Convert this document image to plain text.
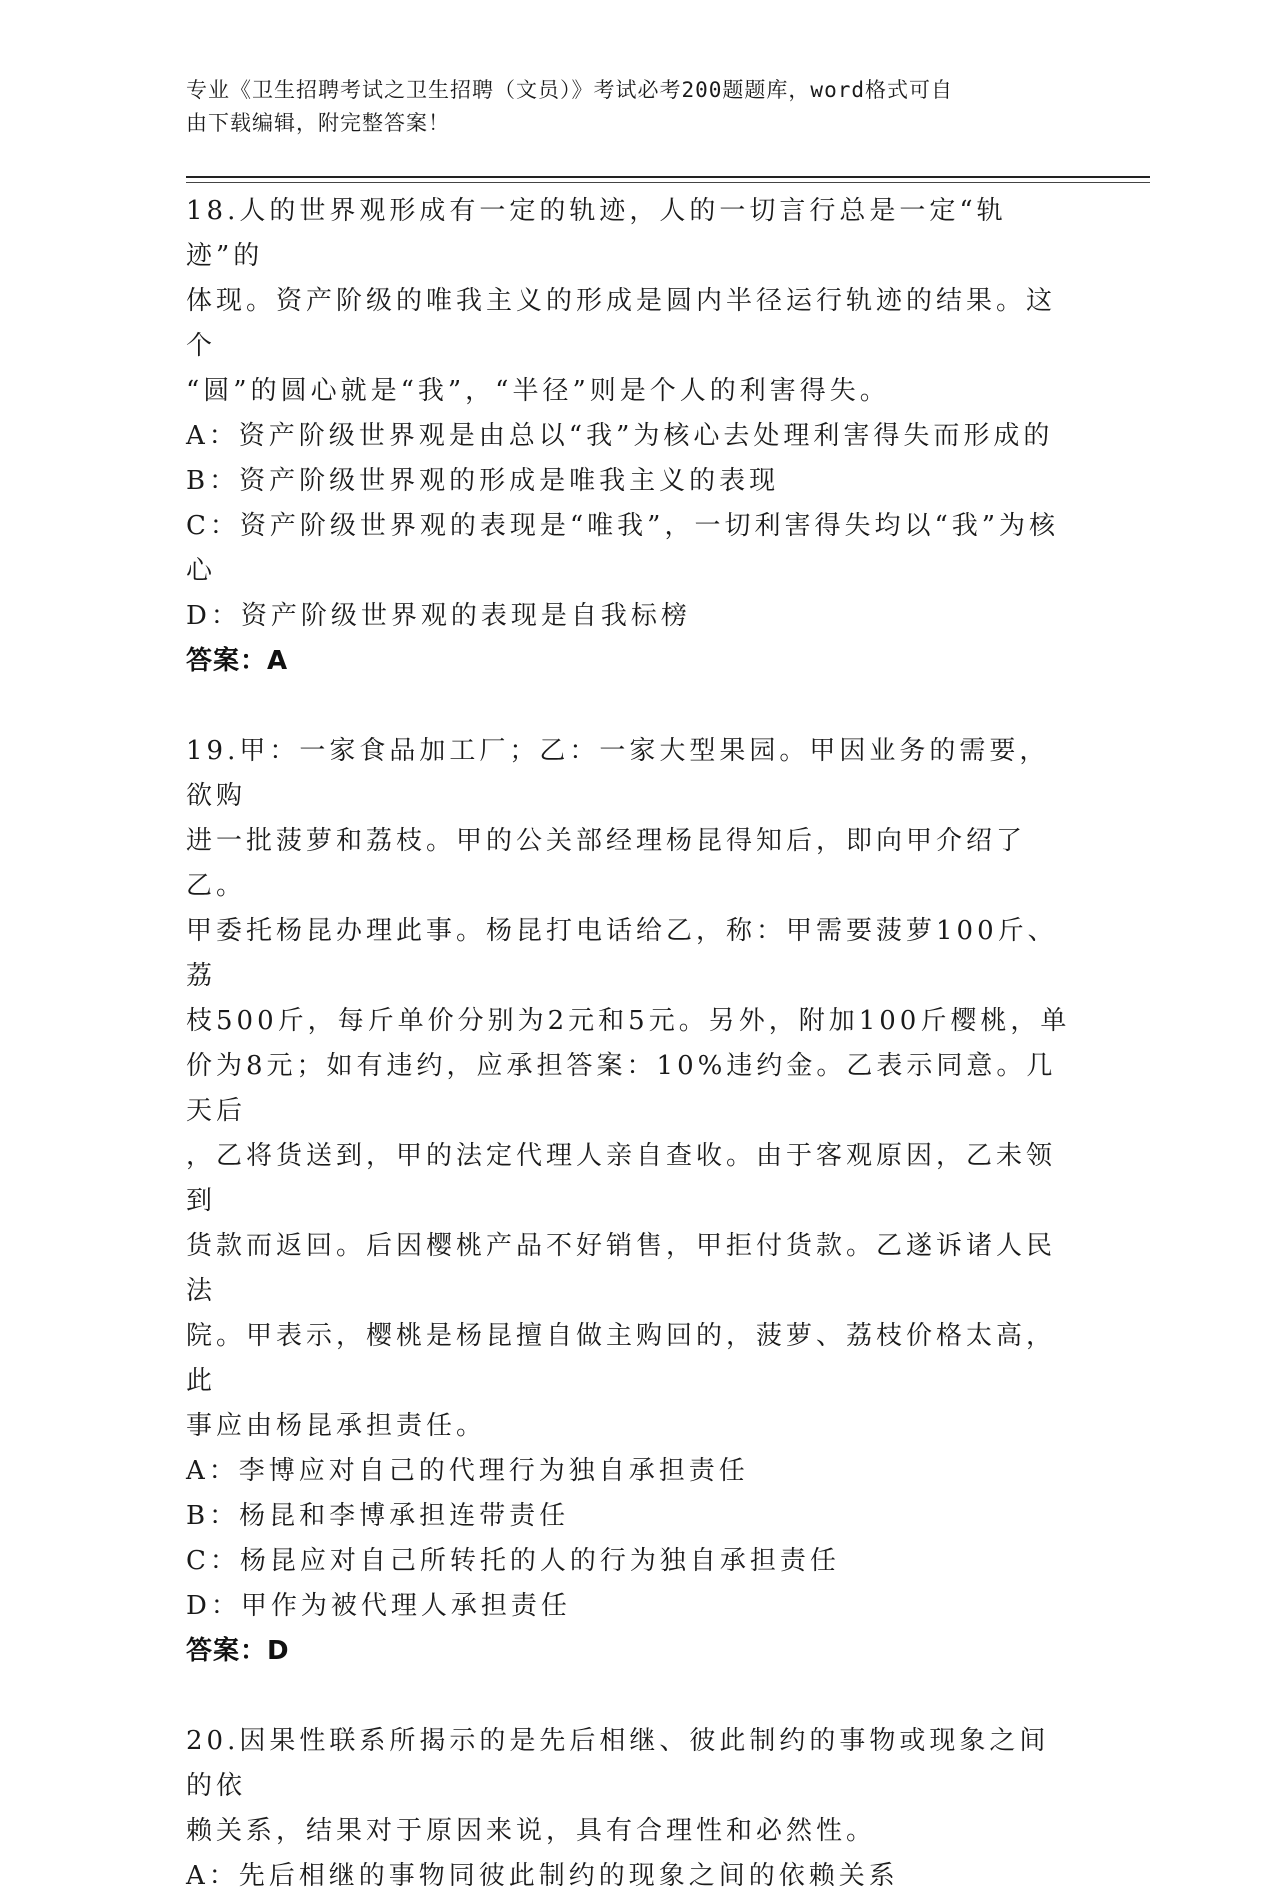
专业《卫生招聘考试之卫生招聘（文员）》考试必考200题题库，word格式可自
由下载编辑，附完整答案！
18.人的世界观形成有一定的轨迹，人的一切言行总是一定“轨迹”的
体现。资产阶级的唯我主义的形成是圆内半径运行轨迹的结果。这个
“圆”的圆心就是“我”，“半径”则是个人的利害得失。
A：资产阶级世界观是由总以“我”为核心去处理利害得失而形成的
B：资产阶级世界观的形成是唯我主义的表现
C：资产阶级世界观的表现是“唯我”，一切利害得失均以“我”为核
心
D：资产阶级世界观的表现是自我标榜
答案：A
19.甲：一家食品加工厂；乙：一家大型果园。甲因业务的需要，欲购
进一批菠萝和荔枝。甲的公关部经理杨昆得知后，即向甲介绍了乙。
甲委托杨昆办理此事。杨昆打电话给乙，称：甲需要菠萝100斤、荔
枝500斤，每斤单价分别为2元和5元。另外，附加100斤樱桃，单
价为8元；如有违约，应承担答案：10%违约金。乙表示同意。几天后
，乙将货送到，甲的法定代理人亲自查收。由于客观原因，乙未领到
货款而返回。后因樱桃产品不好销售，甲拒付货款。乙遂诉诸人民法
院。甲表示，樱桃是杨昆擅自做主购回的，菠萝、荔枝价格太高，此
事应由杨昆承担责任。
A：李博应对自己的代理行为独自承担责任
B：杨昆和李博承担连带责任
C：杨昆应对自己所转托的人的行为独自承担责任
D：甲作为被代理人承担责任
答案：D
20.因果性联系所揭示的是先后相继、彼此制约的事物或现象之间的依
赖关系，结果对于原因来说，具有合理性和必然性。
A：先后相继的事物同彼此制约的现象之间的依赖关系
